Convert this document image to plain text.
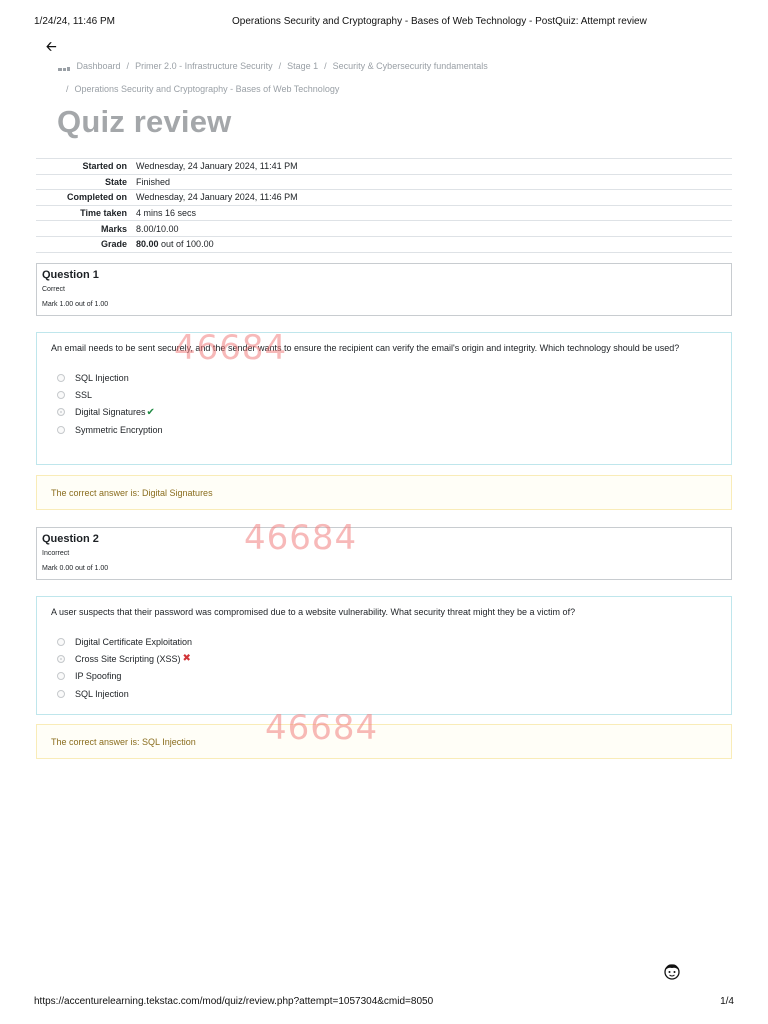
1/24/24, 11:46 PM	Operations Security and Cryptography - Bases of Web Technology - PostQuiz: Attempt review
🡠
Dashboard / Primer 2.0 - Infrastructure Security / Stage 1 / Security & Cybersecurity fundamentals
/ Operations Security and Cryptography - Bases of Web Technology
Quiz review
Started on	Wednesday, 24 January 2024, 11:41 PM
State	Finished
Completed on	Wednesday, 24 January 2024, 11:46 PM
Time taken	4 mins 16 secs
Marks	8.00/10.00
Grade	80.00 out of 100.00
Question 1
Correct
Mark 1.00 out of 1.00
An email needs to be sent securely, and the sender wants to ensure the recipient can verify the email's origin and integrity. Which technology should be used?
SQL Injection
SSL
Digital Signatures ✔
Symmetric Encryption
The correct answer is: Digital Signatures
Question 2
Incorrect
Mark 0.00 out of 1.00
A user suspects that their password was compromised due to a website vulnerability. What security threat might they be a victim of?
Digital Certificate Exploitation
Cross Site Scripting (XSS) ✖
IP Spoofing
SQL Injection
The correct answer is: SQL Injection
46684
46684
46684
https://accenturelearning.tekstac.com/mod/quiz/review.php?attempt=1057304&cmid=8050	1/4
